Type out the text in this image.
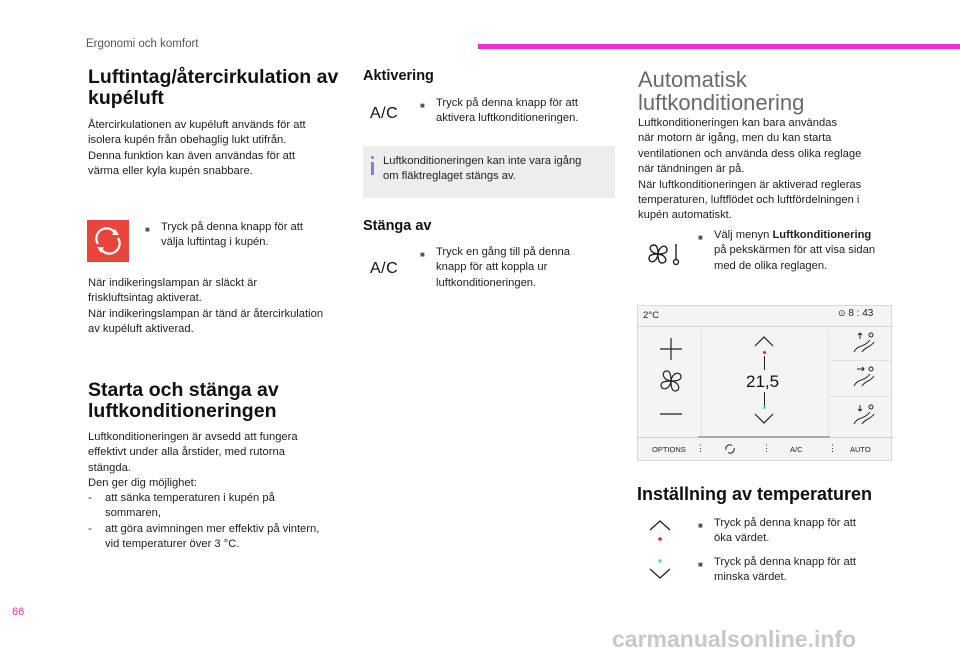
Ergonomi och komfort
Luftintag/återcirkulation av
kupéluft
Återcirkulationen av kupéluft används för att
isolera kupén från obehaglig lukt utifrån.
Denna funktion kan även användas för att
värma eller kyla kupén snabbare.
■ Tryck på denna knapp för att
välja luftintag i kupén.
När indikeringslampan är släckt är
friskluftsintag aktiverat.
När indikeringslampan är tänd är återcirkulation
av kupéluft aktiverad.
Starta och stänga av
luftkonditioneringen
Luftkonditioneringen är avsedd att fungera
effektivt under alla årstider, med rutorna
stängda.
Den ger dig möjlighet:
- att sänka temperaturen i kupén på
sommaren,
- att göra avimningen mer effektiv på vintern,
vid temperaturer över 3 °C.
Aktivering
A/C	■ Tryck på denna knapp för att
aktivera luftkonditioneringen.
Luftkonditioneringen kan inte vara igång
om fläktreglaget stängs av.
Stänga av
A/C
■ Tryck en gång till på denna
knapp för att koppla ur
luftkonditioneringen.
Automatisk
luftkonditionering
Luftkonditioneringen kan bara användas
när motorn är igång, men du kan starta
ventilationen och använda dess olika reglage
när tändningen är på.
När luftkonditioneringen är aktiverad regleras
temperaturen, luftflödet och luftfördelningen i
kupén automatiskt.
■ Välj menyn Luftkonditionering
på pekskärmen för att visa sidan
med de olika reglagen.
2°C	⊙ 8 : 43
21,5
OPTIONS ⋮	⋮	A/C	⋮ AUTO
Inställning av temperaturen
■ Tryck på denna knapp för att
öka värdet.
■ Tryck på denna knapp för att
minska värdet.
66
carmanualsonline.info
